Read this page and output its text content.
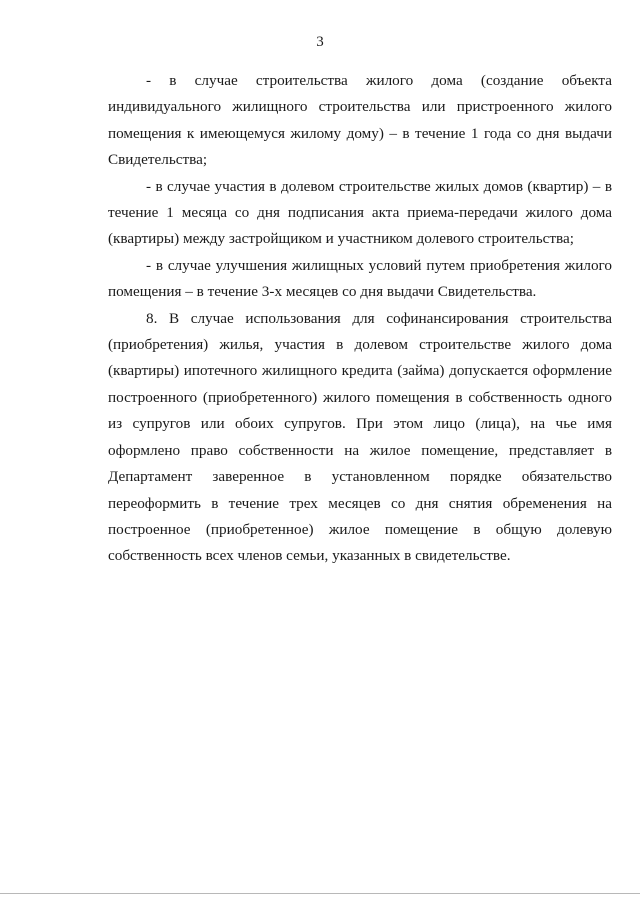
3

- в случае строительства жилого дома (создание объекта индивидуального жилищного строительства или пристроенного жилого помещения к имеющемуся жилому дому) – в течение 1 года со дня выдачи Свидетельства;

- в случае участия в долевом строительстве жилых домов (квартир) – в течение 1 месяца со дня подписания акта приема-передачи жилого дома (квартиры) между застройщиком и участником долевого строительства;

- в случае улучшения жилищных условий путем приобретения жилого помещения – в течение 3-х месяцев со дня выдачи Свидетельства.

8. В случае использования для софинансирования строительства (приобретения) жилья, участия в долевом строительстве жилого дома (квартиры) ипотечного жилищного кредита (займа) допускается оформление построенного (приобретенного) жилого помещения в собственность одного из супругов или обоих супругов. При этом лицо (лица), на чье имя оформлено право собственности на жилое помещение, представляет в Департамент заверенное в установленном порядке обязательство переоформить в течение трех месяцев со дня снятия обременения на построенное (приобретенное) жилое помещение в общую долевую собственность всех членов семьи, указанных в свидетельстве.
